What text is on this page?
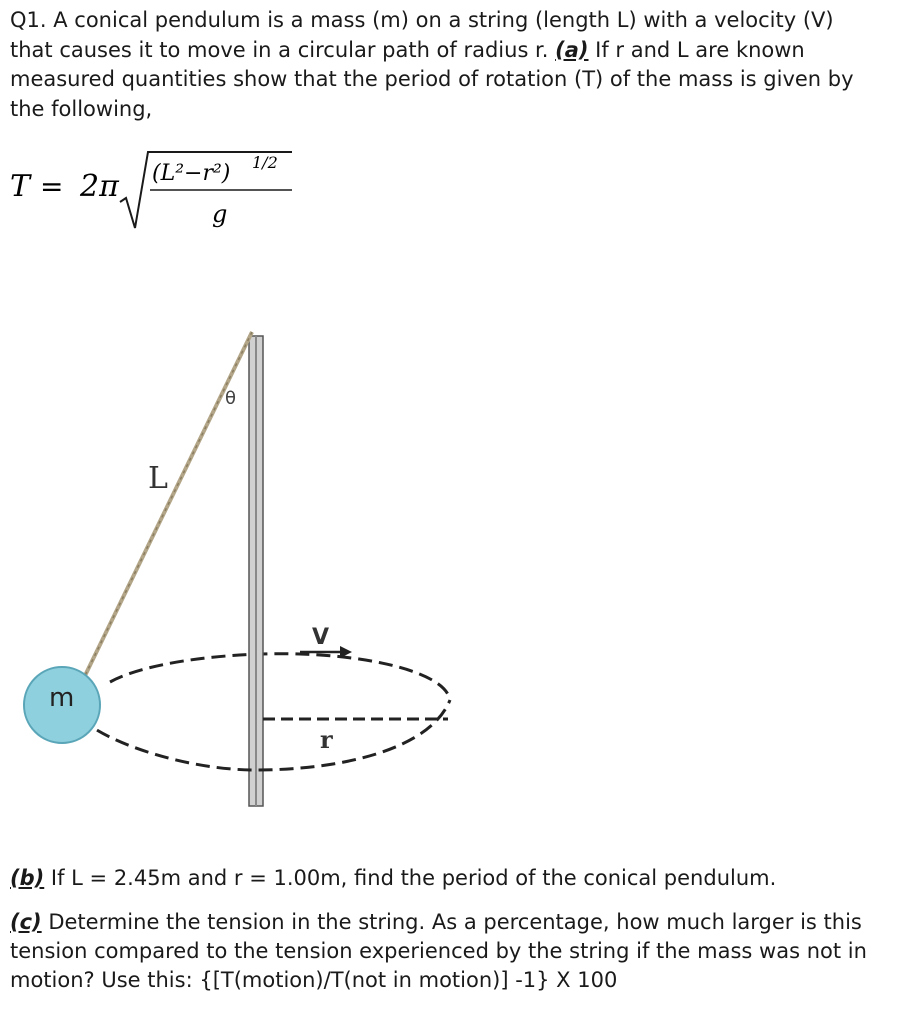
Q1. A conical pendulum is a mass (m) on a string (length L) with a velocity (V) that causes it to move in a circular path of radius r. (a) If r and L are known measured quantities show that the period of rotation (T) of the mass is given by the following,

T = 2π (L²−r²) 1/2
g
L
θ
V
r
m

(b) If L = 2.45m and r = 1.00m, find the period of the conical pendulum.

(c) Determine the tension in the string. As a percentage, how much larger is this tension compared to the tension experienced by the string if the mass was not in motion? Use this: {[T(motion)/T(not in motion)] -1} X 100
